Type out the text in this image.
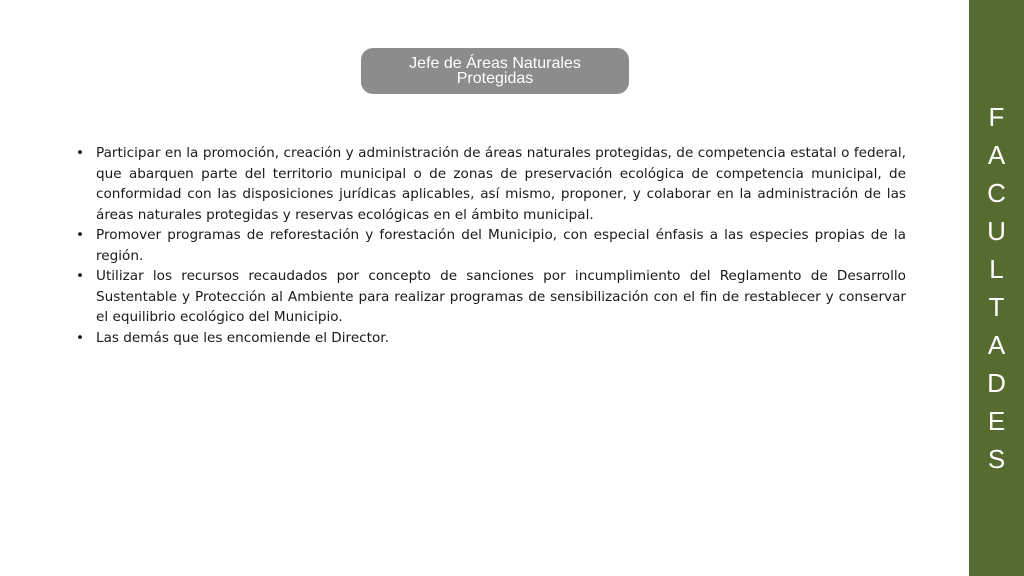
Jefe de Áreas Naturales
Protegidas
• Participar en la promoción, creación y administración de áreas naturales protegidas, de competencia estatal o federal, que abarquen parte del territorio municipal o de zonas de preservación ecológica de competencia municipal, de conformidad con las disposiciones jurídicas aplicables, así mismo, proponer, y colaborar en la administración de las áreas naturales protegidas y reservas ecológicas en el ámbito municipal.
• Promover programas de reforestación y forestación del Municipio, con especial énfasis a las especies propias de la región.
• Utilizar los recursos recaudados por concepto de sanciones por incumplimiento del Reglamento de Desarrollo Sustentable y Protección al Ambiente para realizar programas de sensibilización con el fin de restablecer y conservar el equilibrio ecológico del Municipio.
• Las demás que les encomiende el Director.
F
A
C
U
L
T
A
D
E
S
